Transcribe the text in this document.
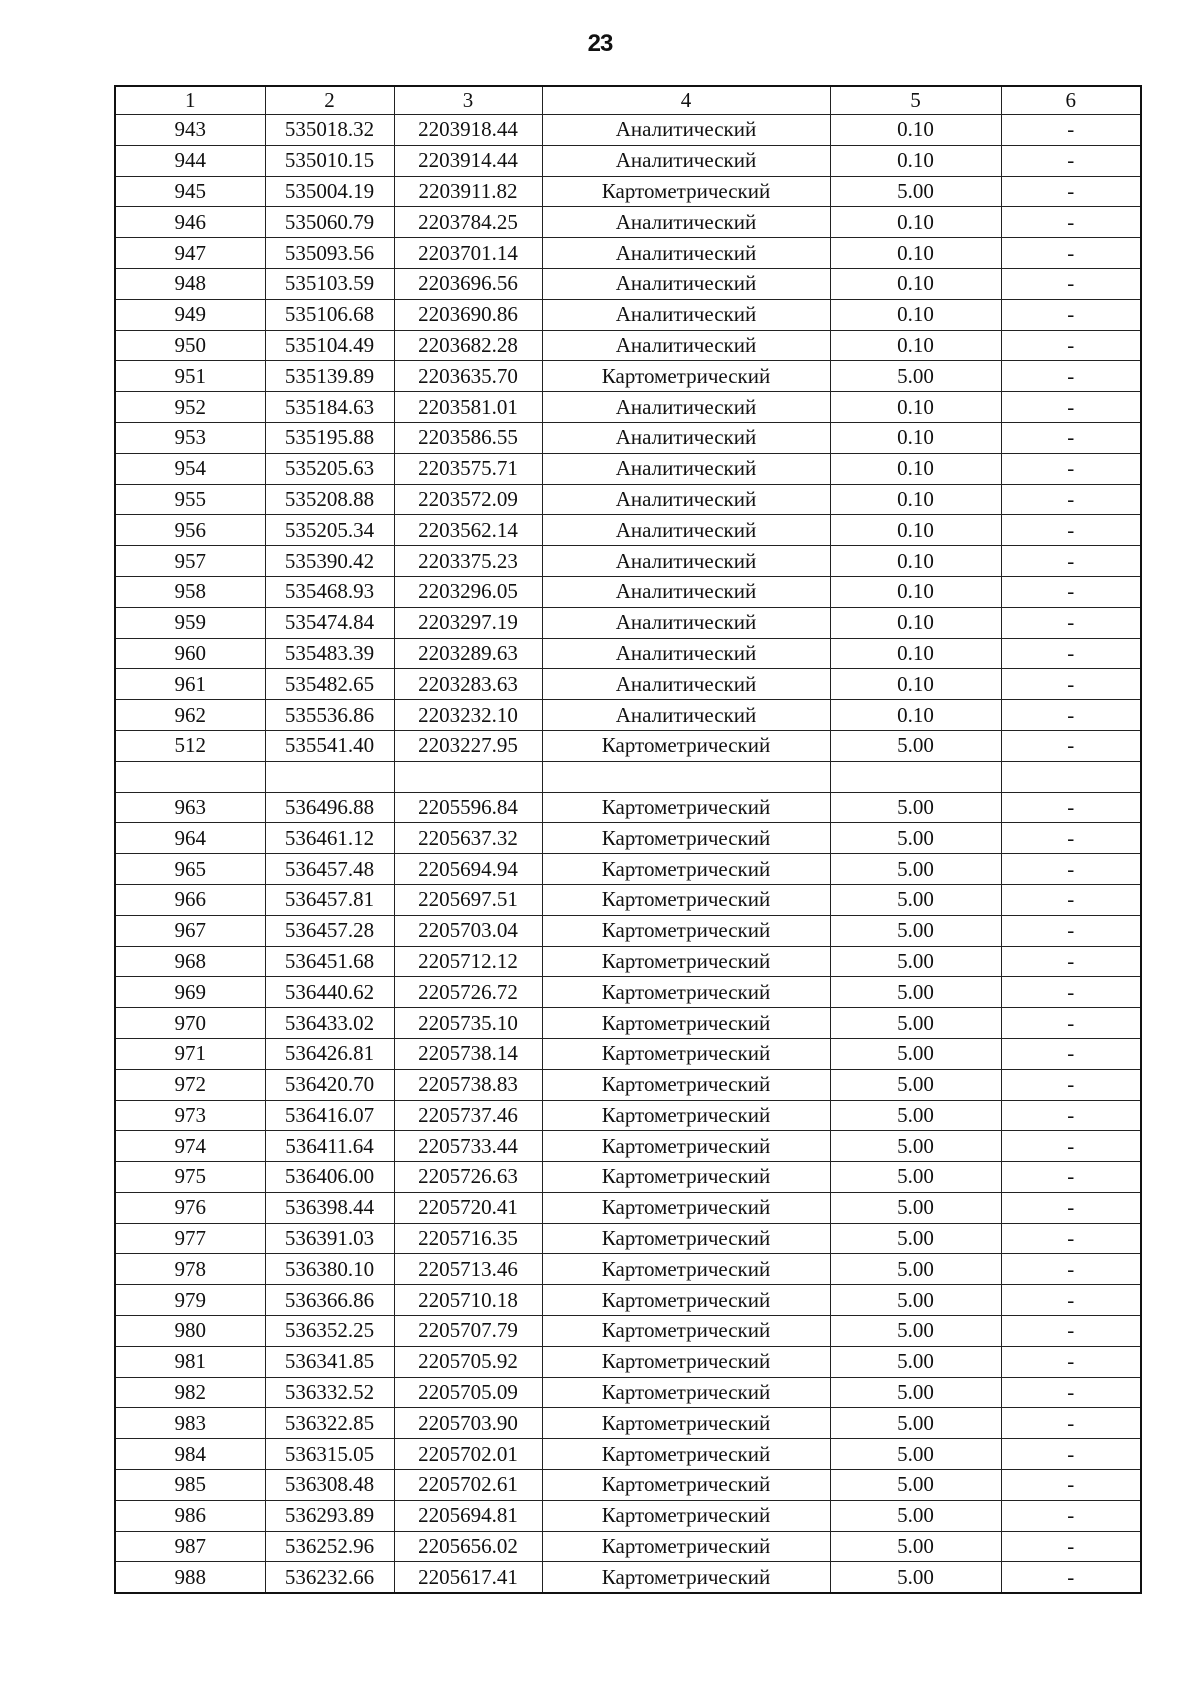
23
1	2	3	4	5	6
943	535018.32	2203918.44	Аналитический	0.10	-
944	535010.15	2203914.44	Аналитический	0.10	-
945	535004.19	2203911.82	Картометрический	5.00	-
946	535060.79	2203784.25	Аналитический	0.10	-
947	535093.56	2203701.14	Аналитический	0.10	-
948	535103.59	2203696.56	Аналитический	0.10	-
949	535106.68	2203690.86	Аналитический	0.10	-
950	535104.49	2203682.28	Аналитический	0.10	-
951	535139.89	2203635.70	Картометрический	5.00	-
952	535184.63	2203581.01	Аналитический	0.10	-
953	535195.88	2203586.55	Аналитический	0.10	-
954	535205.63	2203575.71	Аналитический	0.10	-
955	535208.88	2203572.09	Аналитический	0.10	-
956	535205.34	2203562.14	Аналитический	0.10	-
957	535390.42	2203375.23	Аналитический	0.10	-
958	535468.93	2203296.05	Аналитический	0.10	-
959	535474.84	2203297.19	Аналитический	0.10	-
960	535483.39	2203289.63	Аналитический	0.10	-
961	535482.65	2203283.63	Аналитический	0.10	-
962	535536.86	2203232.10	Аналитический	0.10	-
512	535541.40	2203227.95	Картометрический	5.00	-

963	536496.88	2205596.84	Картометрический	5.00	-
964	536461.12	2205637.32	Картометрический	5.00	-
965	536457.48	2205694.94	Картометрический	5.00	-
966	536457.81	2205697.51	Картометрический	5.00	-
967	536457.28	2205703.04	Картометрический	5.00	-
968	536451.68	2205712.12	Картометрический	5.00	-
969	536440.62	2205726.72	Картометрический	5.00	-
970	536433.02	2205735.10	Картометрический	5.00	-
971	536426.81	2205738.14	Картометрический	5.00	-
972	536420.70	2205738.83	Картометрический	5.00	-
973	536416.07	2205737.46	Картометрический	5.00	-
974	536411.64	2205733.44	Картометрический	5.00	-
975	536406.00	2205726.63	Картометрический	5.00	-
976	536398.44	2205720.41	Картометрический	5.00	-
977	536391.03	2205716.35	Картометрический	5.00	-
978	536380.10	2205713.46	Картометрический	5.00	-
979	536366.86	2205710.18	Картометрический	5.00	-
980	536352.25	2205707.79	Картометрический	5.00	-
981	536341.85	2205705.92	Картометрический	5.00	-
982	536332.52	2205705.09	Картометрический	5.00	-
983	536322.85	2205703.90	Картометрический	5.00	-
984	536315.05	2205702.01	Картометрический	5.00	-
985	536308.48	2205702.61	Картометрический	5.00	-
986	536293.89	2205694.81	Картометрический	5.00	-
987	536252.96	2205656.02	Картометрический	5.00	-
988	536232.66	2205617.41	Картометрический	5.00	-
